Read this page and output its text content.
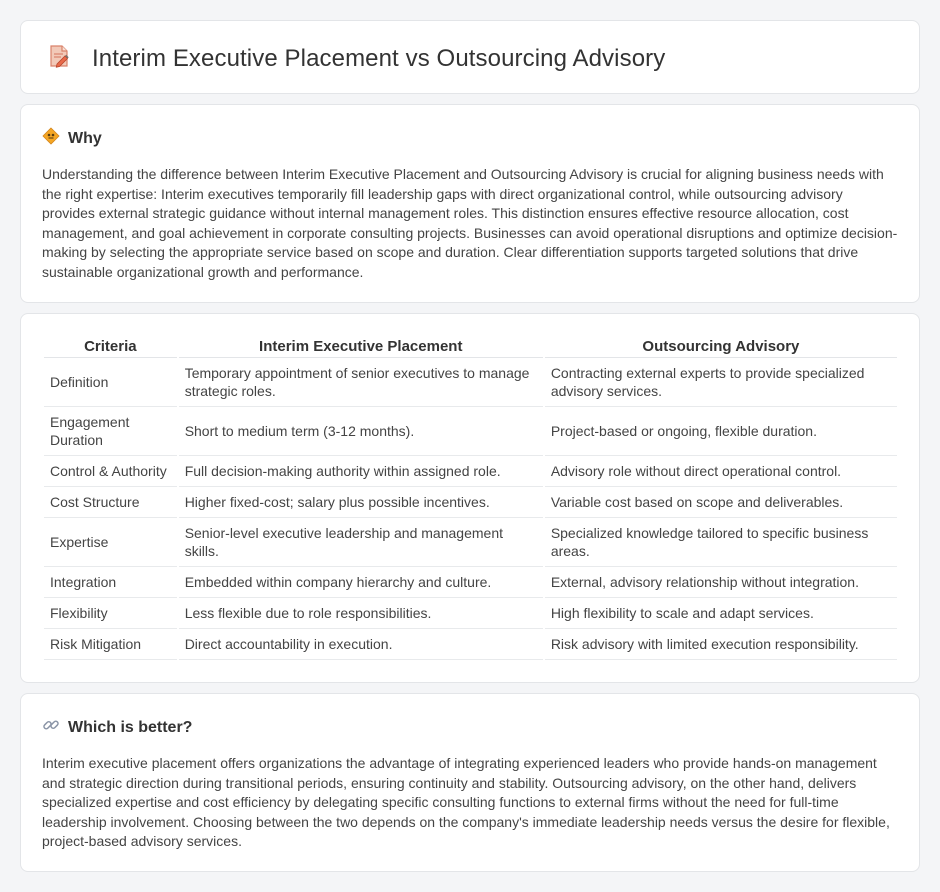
Interim Executive Placement vs Outsourcing Advisory
Why

Understanding the difference between Interim Executive Placement and Outsourcing Advisory is crucial for aligning business needs with the right expertise: Interim executives temporarily fill leadership gaps with direct organizational control, while outsourcing advisory provides external strategic guidance without internal management roles. This distinction ensures effective resource allocation, cost management, and goal achievement in corporate consulting projects. Businesses can avoid operational disruptions and optimize decision-making by selecting the appropriate service based on scope and duration. Clear differentiation supports targeted solutions that drive sustainable organizational growth and performance.

Criteria	Interim Executive Placement	Outsourcing Advisory
Definition	Temporary appointment of senior executives to manage strategic roles.	Contracting external experts to provide specialized advisory services.
Engagement Duration	Short to medium term (3-12 months).	Project-based or ongoing, flexible duration.
Control & Authority	Full decision-making authority within assigned role.	Advisory role without direct operational control.
Cost Structure	Higher fixed-cost; salary plus possible incentives.	Variable cost based on scope and deliverables.
Expertise	Senior-level executive leadership and management skills.	Specialized knowledge tailored to specific business areas.
Integration	Embedded within company hierarchy and culture.	External, advisory relationship without integration.
Flexibility	Less flexible due to role responsibilities.	High flexibility to scale and adapt services.
Risk Mitigation	Direct accountability in execution.	Risk advisory with limited execution responsibility.
Which is better?

Interim executive placement offers organizations the advantage of integrating experienced leaders who provide hands-on management and strategic direction during transitional periods, ensuring continuity and stability. Outsourcing advisory, on the other hand, delivers specialized expertise and cost efficiency by delegating specific consulting functions to external firms without the need for full-time leadership involvement. Choosing between the two depends on the company's immediate leadership needs versus the desire for flexible, project-based advisory services.
